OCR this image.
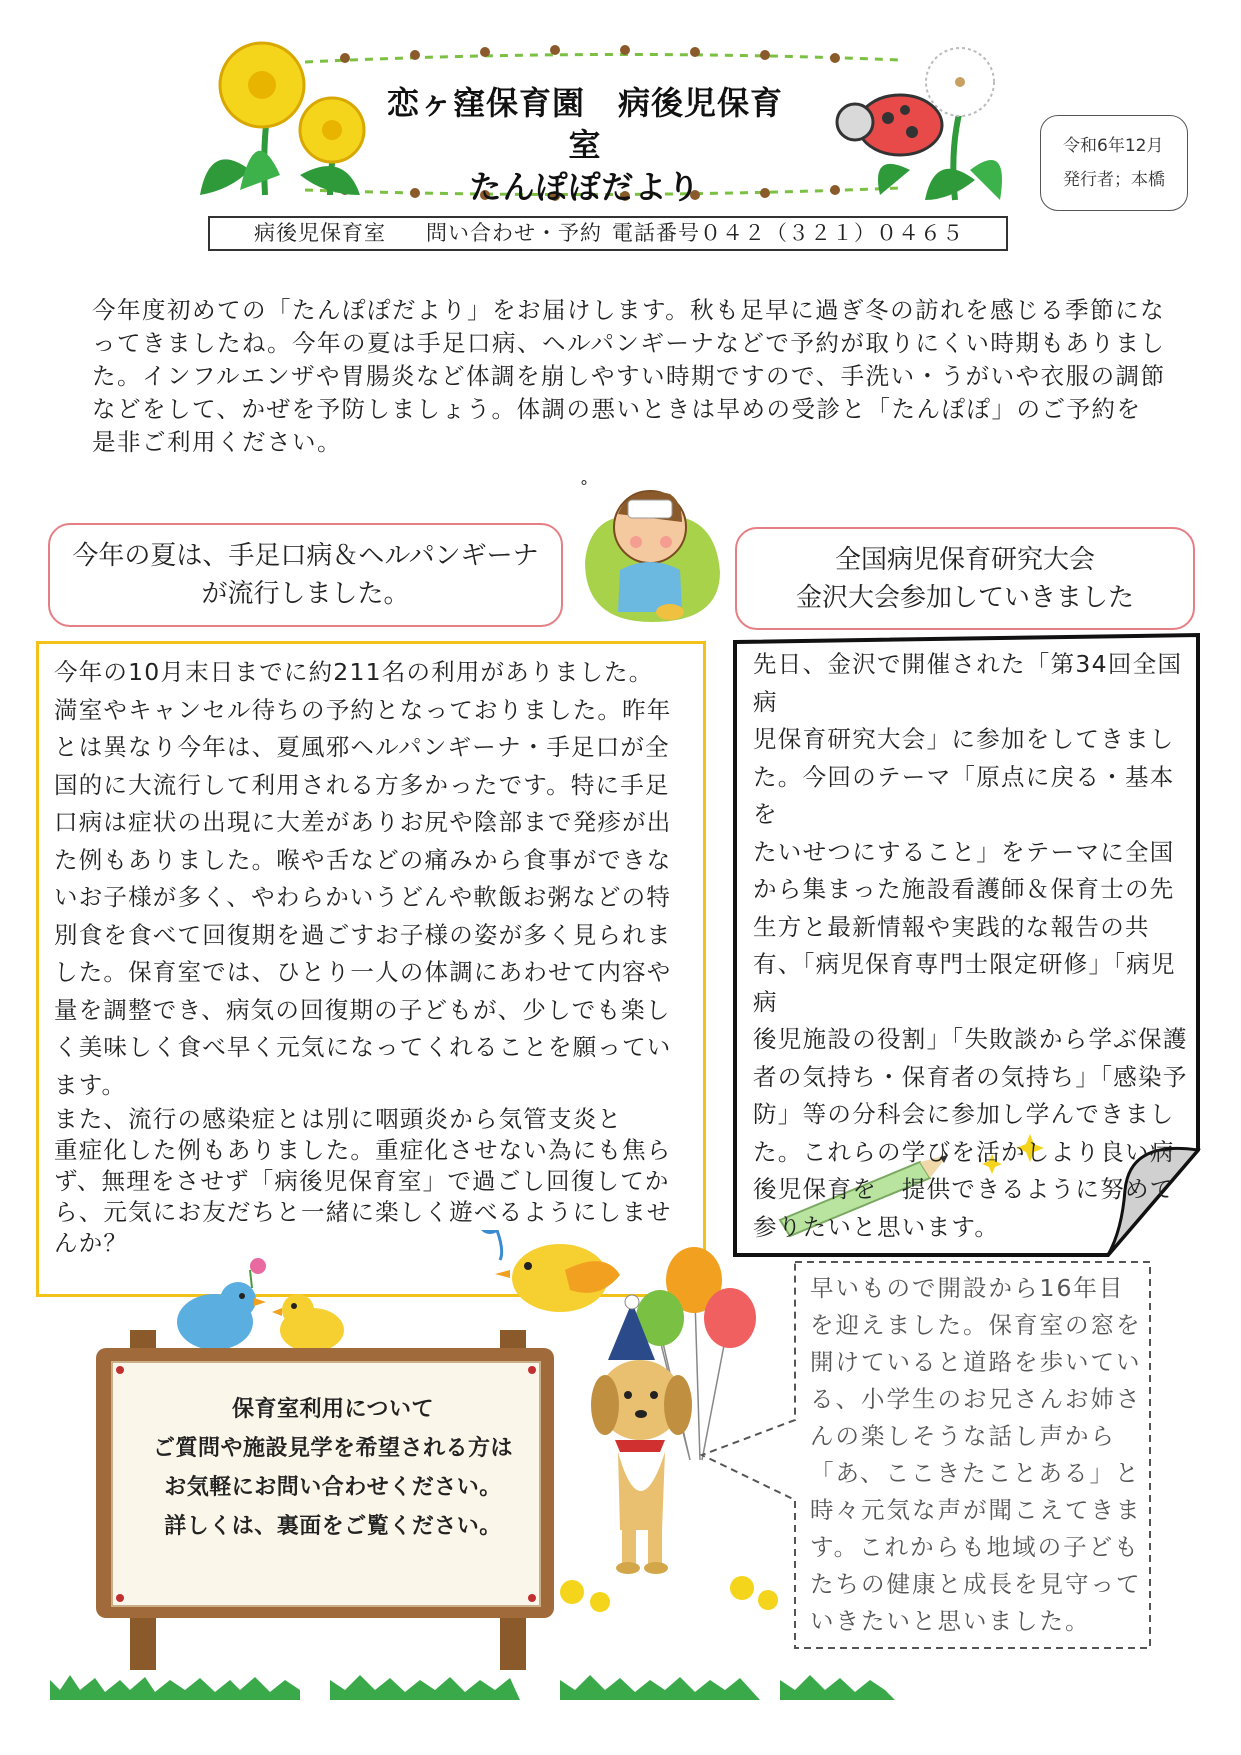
恋ヶ窪保育園　病後児保育室
たんぽぽだより
令和6年12月
発行者；本橋
病後児保育室 問い合わせ・予約 電話番号０４２（３２１）０４６５

今年度初めての「たんぽぽだより」をお届けします。秋も足早に過ぎ冬の訪れを感じる季節にな

ってきましたね。今年の夏は手足口病、ヘルパンギーナなどで予約が取りにくい時期もありまし

た。インフルエンザや胃腸炎など体調を崩しやすい時期ですので、手洗い・うがいや衣服の調節

などをして、かぜを予防しましょう。体調の悪いときは早めの受診と「たんぽぽ」のご予約を

是非ご利用ください。

°
今年の夏は、手足口病＆ヘルパンギーナ
が流行しました。
全国病児保育研究大会
金沢大会参加していきました

今年の10月末日までに約211名の利用がありました。

満室やキャンセル待ちの予約となっておりました。昨年

とは異なり今年は、夏風邪ヘルパンギーナ・手足口が全

国的に大流行して利用される方多かったです。特に手足

口病は症状の出現に大差がありお尻や陰部まで発疹が出

た例もありました。喉や舌などの痛みから食事ができな

いお子様が多く、やわらかいうどんや軟飯お粥などの特

別食を食べて回復期を過ごすお子様の姿が多く見られま

した。保育室では、ひとり一人の体調にあわせて内容や

量を調整でき、病気の回復期の子どもが、少しでも楽し

く美味しく食べ早く元気になってくれることを願ってい

ます。

また、流行の感染症とは別に咽頭炎から気管支炎と

重症化した例もありました。重症化させない為にも焦ら

ず、無理をさせず「病後児保育室」で過ごし回復してか

ら、元気にお友だちと一緒に楽しく遊べるようにしませ

んか？

先日、金沢で開催された「第34回全国病

児保育研究大会」に参加をしてきまし

た。今回のテーマ「原点に戻る・基本を

たいせつにすること」をテーマに全国

から集まった施設看護師＆保育士の先

生方と最新情報や実践的な報告の共

有、「病児保育専門士限定研修」「病児病

後児施設の役割」「失敗談から学ぶ保護

者の気持ち・保育者の気持ち」「感染予

防」等の分科会に参加し学んできまし

た。これらの学びを活かしより良い病

後児保育を　提供できるように努めて

参りたいと思います。

保育室利用について

ご質問や施設見学を希望される方は

お気軽にお問い合わせください。

詳しくは、裏面をご覧ください。

早いもので開設から16年目

を迎えました。保育室の窓を

開けていると道路を歩いてい

る、小学生のお兄さんお姉さ

んの楽しそうな話し声から

「あ、ここきたことある」と

時々元気な声が聞こえてきま

す。これからも地域の子ども

たちの健康と成長を見守って

いきたいと思いました。
